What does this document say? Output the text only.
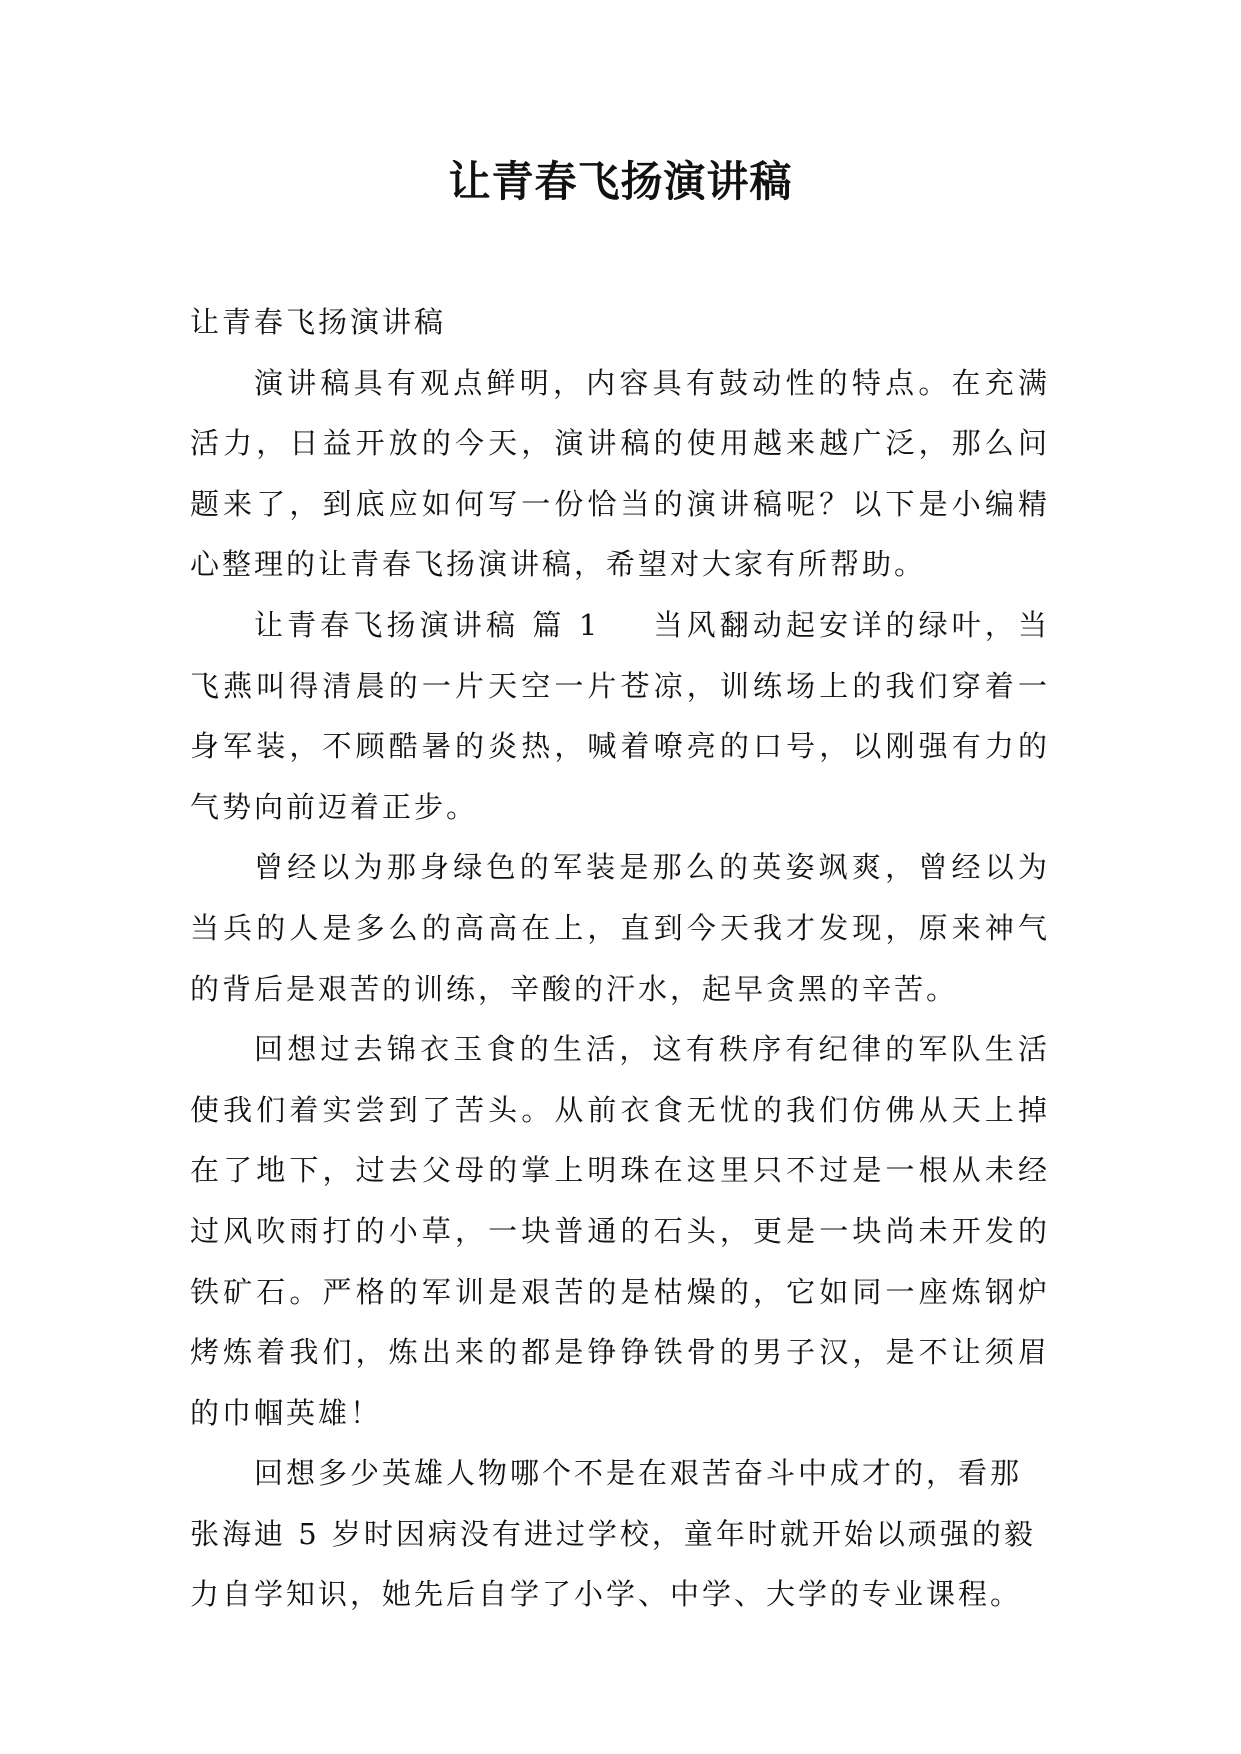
让青春飞扬演讲稿

让青春飞扬演讲稿

演讲稿具有观点鲜明，内容具有鼓动性的特点。在充满活力，日益开放的今天，演讲稿的使用越来越广泛，那么问题来了，到底应如何写一份恰当的演讲稿呢？以下是小编精心整理的让青春飞扬演讲稿，希望对大家有所帮助。

让青春飞扬演讲稿 篇 1 当风翻动起安详的绿叶，当飞燕叫得清晨的一片天空一片苍凉，训练场上的我们穿着一身军装，不顾酷暑的炎热，喊着嘹亮的口号，以刚强有力的气势向前迈着正步。

曾经以为那身绿色的军装是那么的英姿飒爽，曾经以为当兵的人是多么的高高在上，直到今天我才发现，原来神气的背后是艰苦的训练，辛酸的汗水，起早贪黑的辛苦。

回想过去锦衣玉食的生活，这有秩序有纪律的军队生活使我们着实尝到了苦头。从前衣食无忧的我们仿佛从天上掉在了地下，过去父母的掌上明珠在这里只不过是一根从未经过风吹雨打的小草，一块普通的石头，更是一块尚未开发的铁矿石。严格的军训是艰苦的是枯燥的，它如同一座炼钢炉烤炼着我们，炼出来的都是铮铮铁骨的男子汉，是不让须眉的巾帼英雄！

回想多少英雄人物哪个不是在艰苦奋斗中成才的，看那张海迪 5 岁时因病没有进过学校，童年时就开始以顽强的毅力自学知识，她先后自学了小学、中学、大学的专业课程。
